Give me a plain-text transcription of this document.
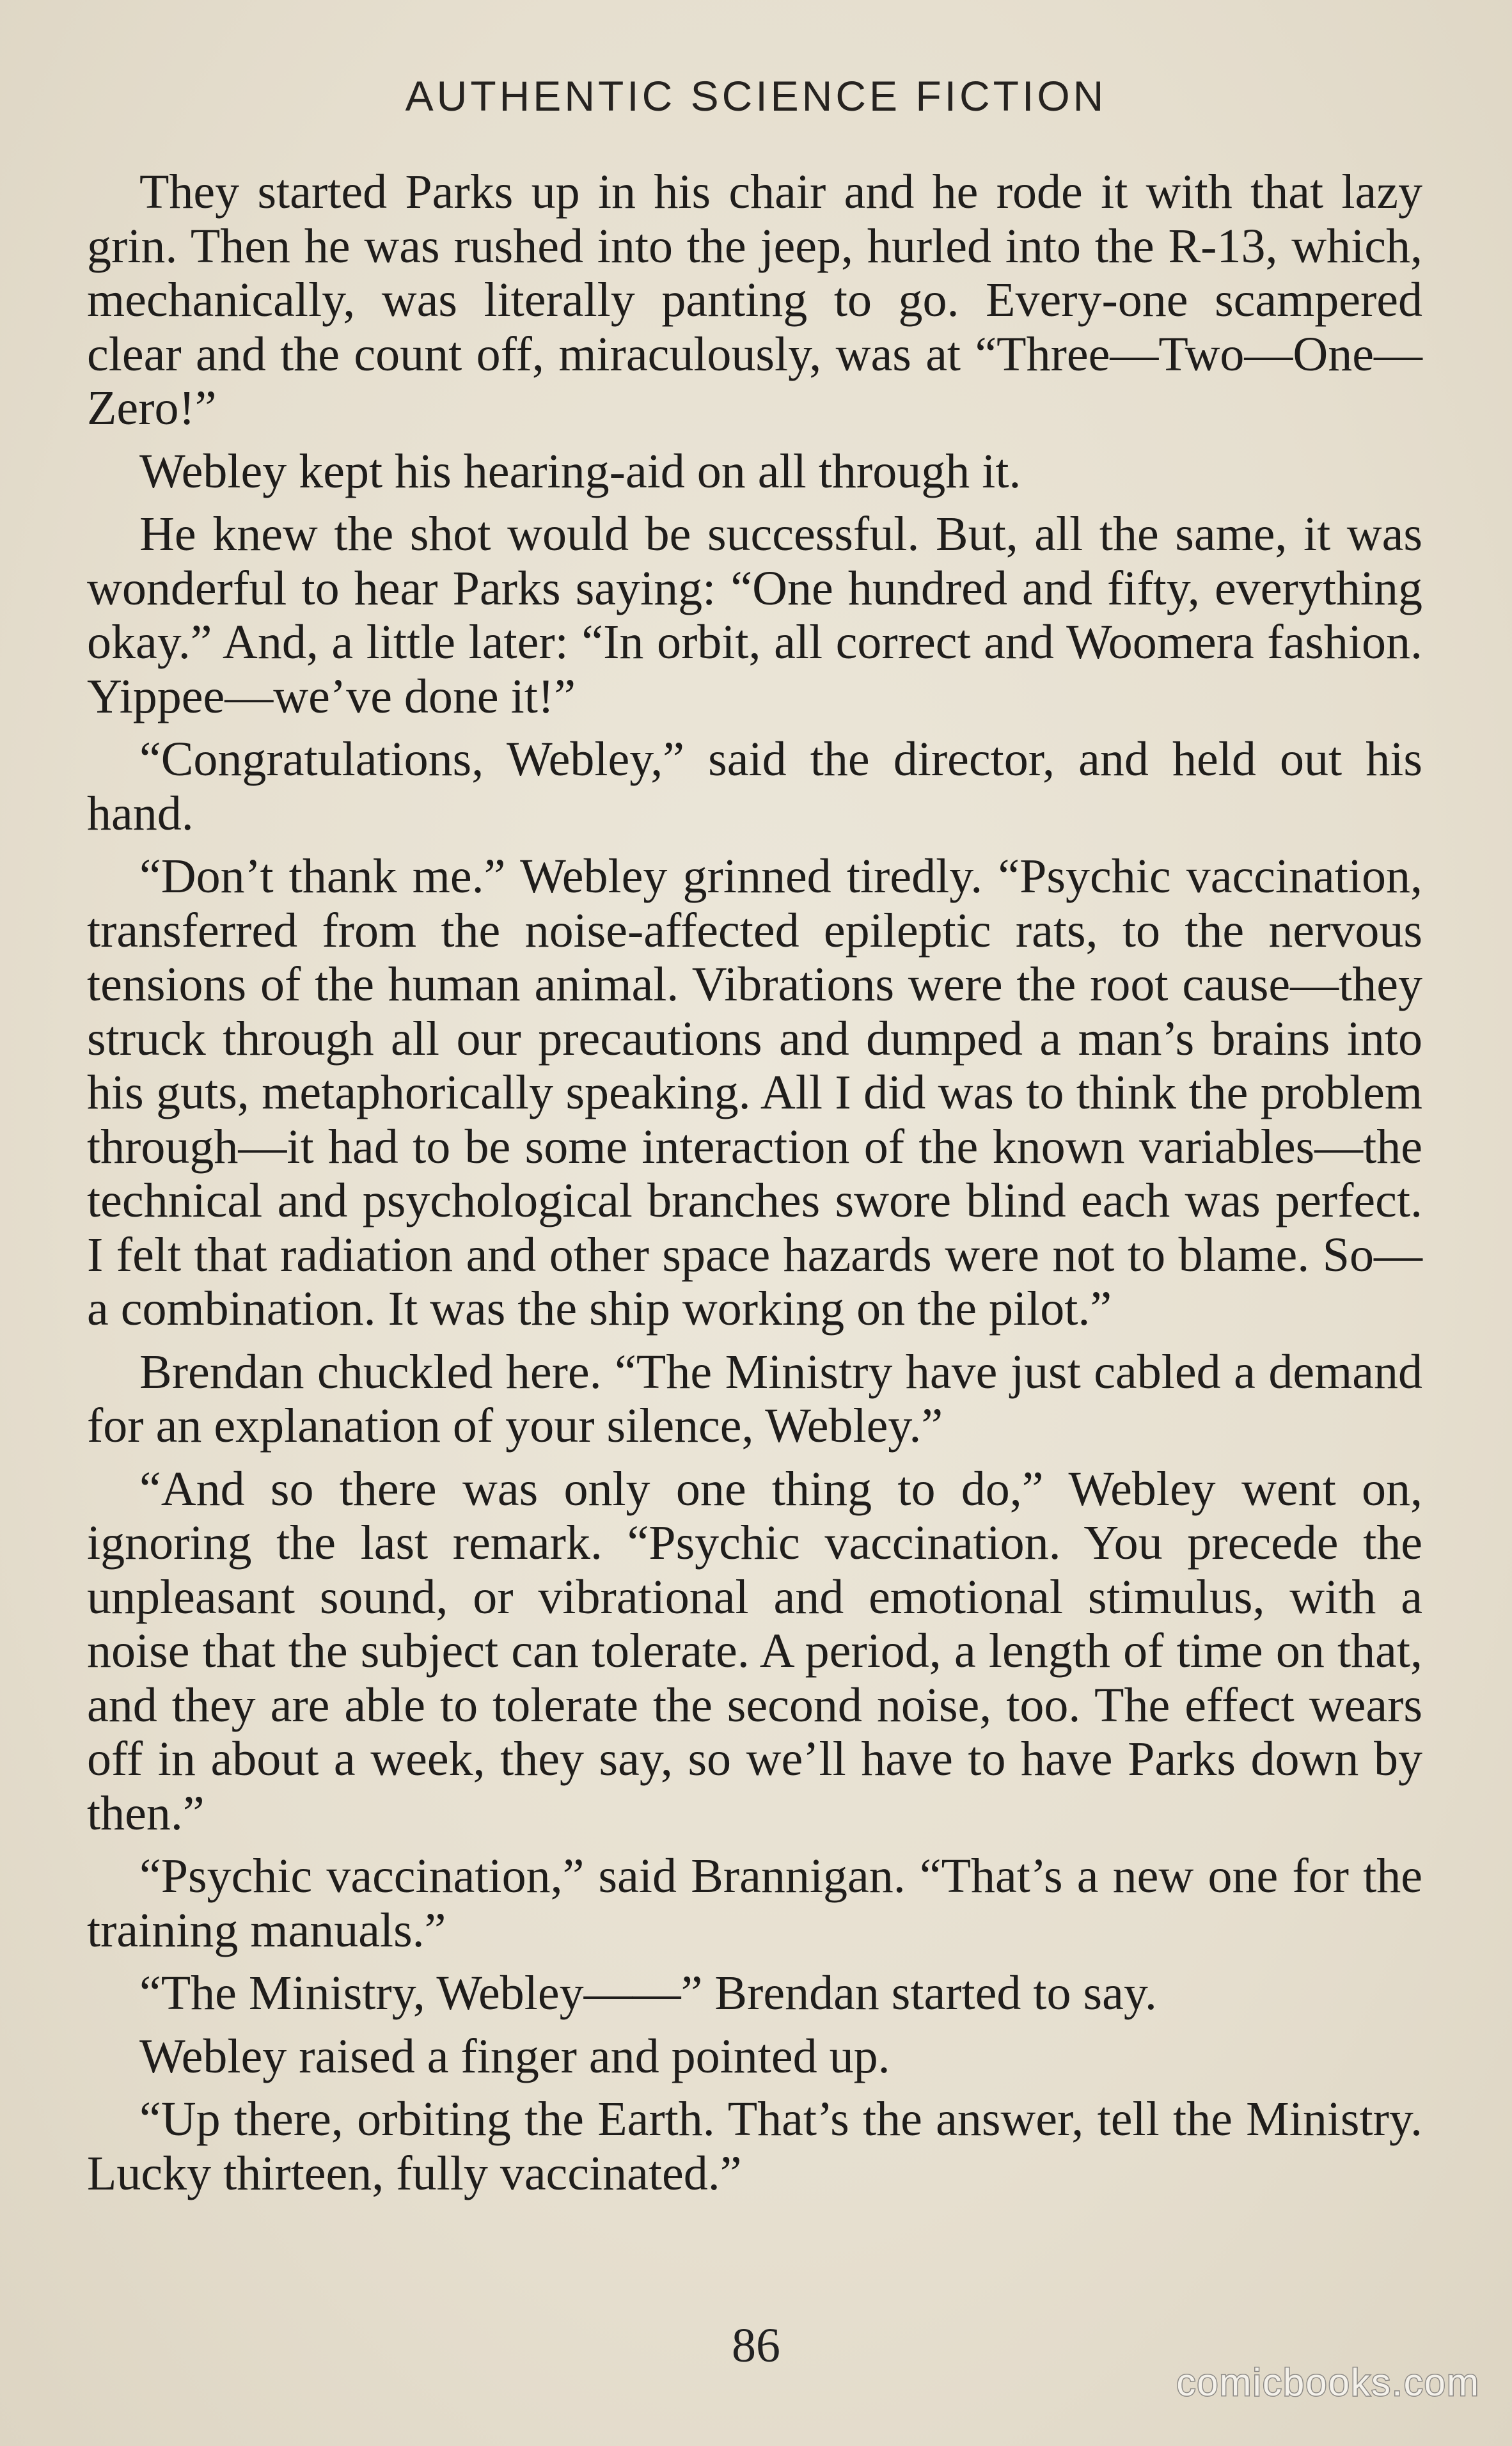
AUTHENTIC SCIENCE FICTION

They started Parks up in his chair and he rode it with that lazy grin. Then he was rushed into the jeep, hurled into the R-13, which, mechanically, was literally panting to go. Every-one scampered clear and the count off, miraculously, was at “Three—Two—One—Zero!”

Webley kept his hearing-aid on all through it.

He knew the shot would be successful. But, all the same, it was wonderful to hear Parks saying: “One hundred and fifty, everything okay.” And, a little later: “In orbit, all correct and Woomera fashion. Yippee—we’ve done it!”

“Congratulations, Webley,” said the director, and held out his hand.

“Don’t thank me.” Webley grinned tiredly. “Psychic vaccination, transferred from the noise-affected epileptic rats, to the nervous tensions of the human animal. Vibrations were the root cause—they struck through all our precautions and dumped a man’s brains into his guts, metaphorically speaking. All I did was to think the problem through—it had to be some interaction of the known variables—the technical and psychological branches swore blind each was perfect. I felt that radiation and other space hazards were not to blame. So—a combination. It was the ship working on the pilot.”

Brendan chuckled here. “The Ministry have just cabled a demand for an explanation of your silence, Webley.”

“And so there was only one thing to do,” Webley went on, ignoring the last remark. “Psychic vaccination. You precede the unpleasant sound, or vibrational and emotional stimulus, with a noise that the subject can tolerate. A period, a length of time on that, and they are able to tolerate the second noise, too. The effect wears off in about a week, they say, so we’ll have to have Parks down by then.”

“Psychic vaccination,” said Brannigan. “That’s a new one for the training manuals.”

“The Ministry, Webley——” Brendan started to say.

Webley raised a finger and pointed up.

“Up there, orbiting the Earth. That’s the answer, tell the Ministry. Lucky thirteen, fully vaccinated.”

86
comicbooks.com
